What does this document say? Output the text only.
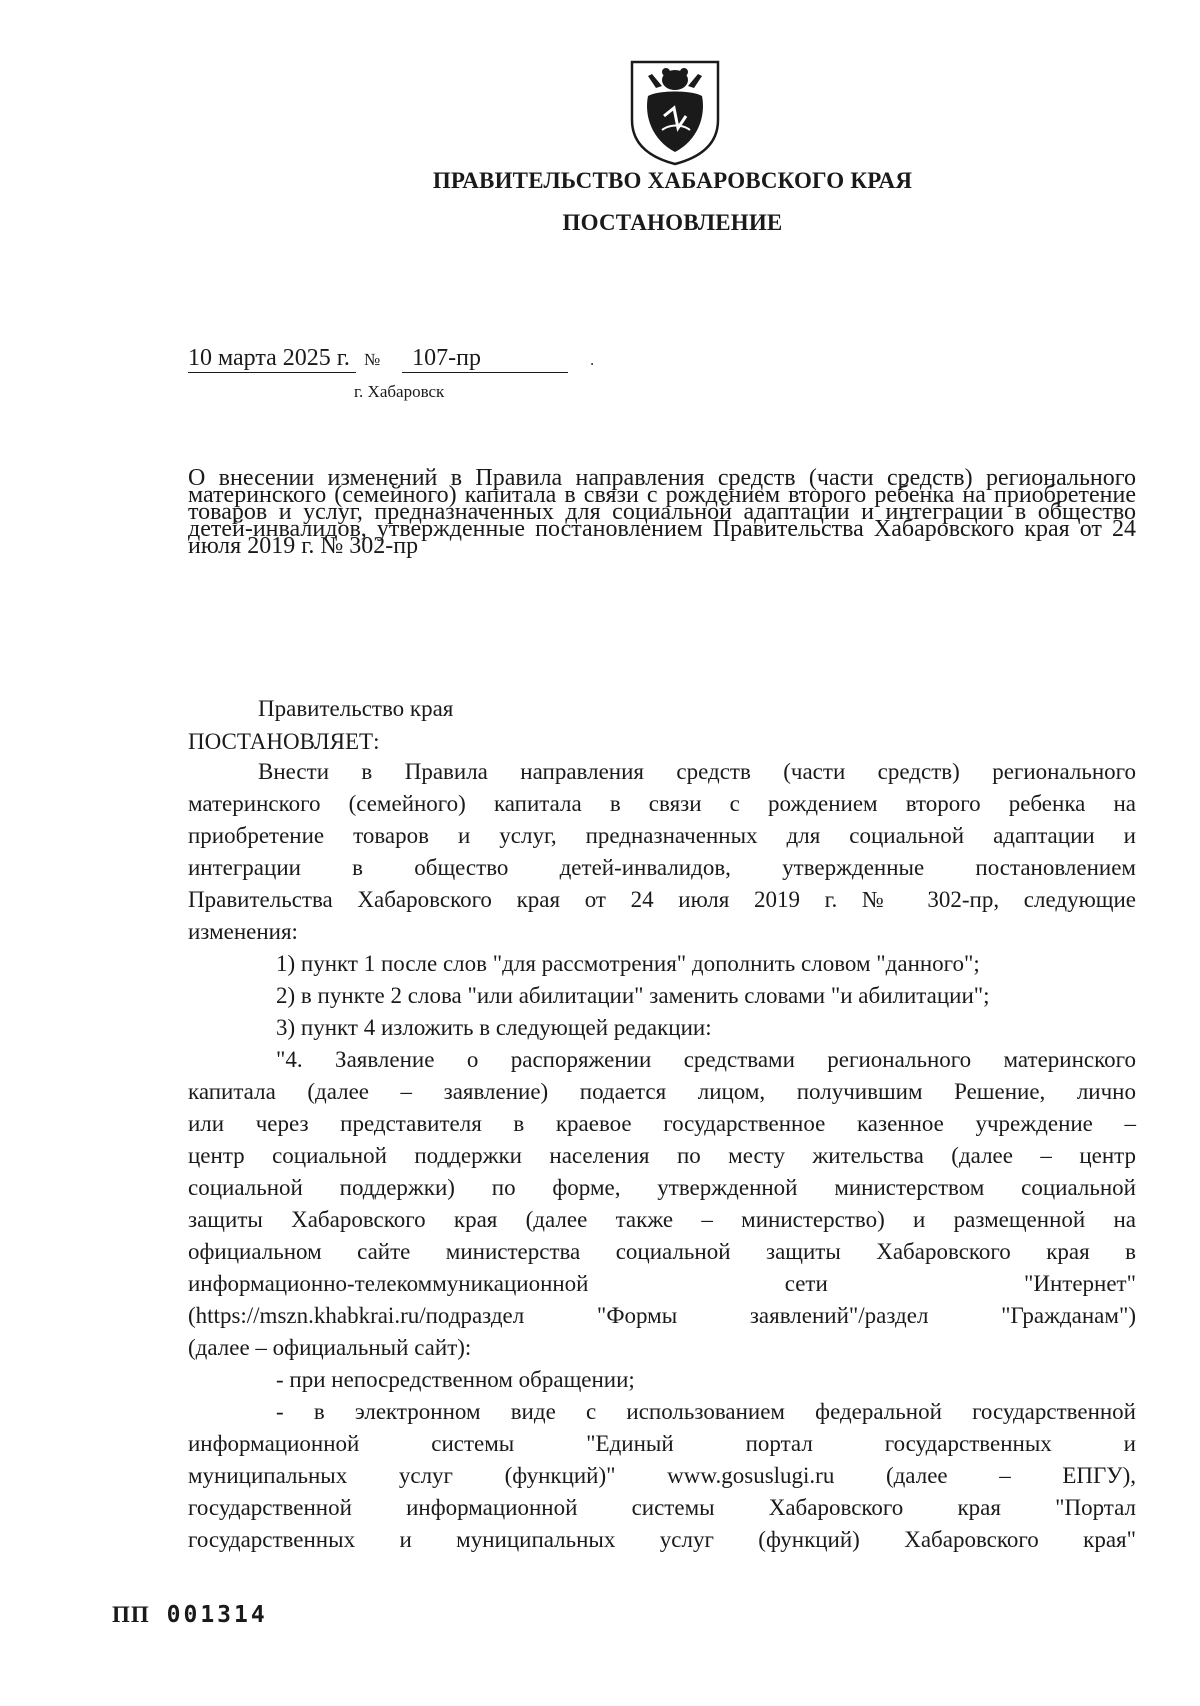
ПРАВИТЕЛЬСТВО ХАБАРОВСКОГО КРАЯ
ПОСТАНОВЛЕНИЕ
10 марта 2025 г. № 107-пр	.
г. Хабаровск
О внесении изменений в Правила направления средств (части средств) регионального материнского (семейного) капитала в связи с рождением второго ребенка на приобретение товаров и услуг, предназначенных для социальной адаптации и интеграции в общество детей-инвалидов, утвержденные постановлением Правительства Хабаровского края от 24 июля 2019 г. № 302-пр
Правительство края
ПОСТАНОВЛЯЕТ:
Внести в Правила направления средств (части средств) регионального
материнского (семейного) капитала в связи с рождением второго ребенка на
приобретение товаров и услуг, предназначенных для социальной адаптации и
интеграции в общество детей-инвалидов, утвержденные постановлением
Правительства Хабаровского края от 24 июля 2019 г. № 302-пр, следующие
изменения:
1) пункт 1 после слов "для рассмотрения" дополнить словом "данного";
2) в пункте 2 слова "или абилитации" заменить словами "и абилитации";
3) пункт 4 изложить в следующей редакции:
"4. Заявление о распоряжении средствами регионального материнского
капитала (далее – заявление) подается лицом, получившим Решение, лично
или через представителя в краевое государственное казенное учреждение –
центр социальной поддержки населения по месту жительства (далее – центр
социальной поддержки) по форме, утвержденной министерством социальной
защиты Хабаровского края (далее также – министерство) и размещенной на
официальном сайте министерства социальной защиты Хабаровского края в
информационно-телекоммуникационной сети "Интернет"
(https://mszn.khabkrai.ru/подраздел "Формы заявлений"/раздел "Гражданам")
(далее – официальный сайт):
- при непосредственном обращении;
- в электронном виде с использованием федеральной государственной
информационной системы "Единый портал государственных и
муниципальных услуг (функций)" www.gosuslugi.ru (далее – ЕПГУ),
государственной информационной системы Хабаровского края "Портал
государственных и муниципальных услуг (функций) Хабаровского края"
ПП 001314
